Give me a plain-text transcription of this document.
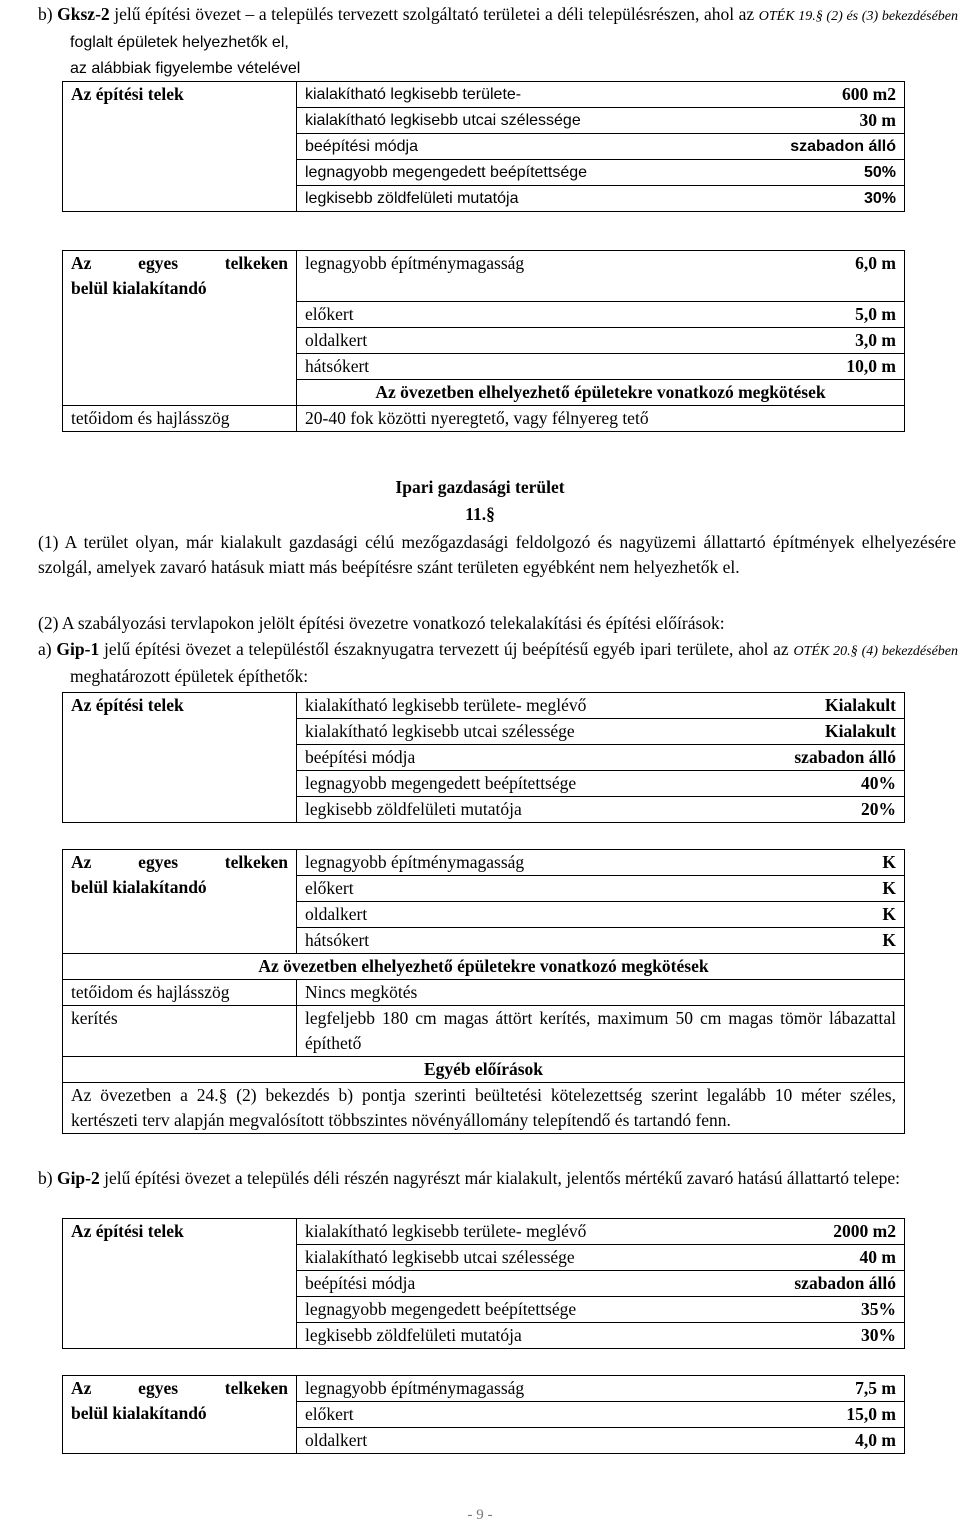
b) Gksz-2 jelű építési övezet – a település tervezett szolgáltató területei a déli településrészen, ahol az OTÉK 19.§ (2) és (3) bekezdésében foglalt épületek helyezhetők el,
az alábbiak figyelembe vételével
Az építési telek	kialakítható legkisebb területe-	600 m2
	kialakítható legkisebb utcai szélessége	30 m
	beépítési módja	szabadon álló
	legnagyobb megengedett beépítettsége	50%
	legkisebb zöldfelületi mutatója	30%
Az egyes telkeken
belül kialakítandó	legnagyobb építménymagasság	6,0 m
	előkert	5,0 m
	oldalkert	3,0 m
	hátsókert	10,0 m
	Az övezetben elhelyezhető épületekre vonatkozó megkötések	
tetőidom és hajlásszög	20-40 fok közötti nyeregtető, vagy félnyereg tető	
Ipari gazdasági terület
11.§
(1) A terület olyan, már kialakult gazdasági célú mezőgazdasági feldolgozó és nagyüzemi állattartó építmények elhelyezésére szolgál, amelyek zavaró hatásuk miatt más beépítésre szánt területen egyébként nem helyezhetők el.
(2) A szabályozási tervlapokon jelölt építési övezetre vonatkozó telekalakítási és építési előírások:
a) Gip-1 jelű építési övezet a településtől északnyugatra tervezett új beépítésű egyéb ipari területe, ahol az OTÉK 20.§ (4) bekezdésében meghatározott épületek építhetők:
Az építési telek	kialakítható legkisebb területe- meglévő	Kialakult
	kialakítható legkisebb utcai szélessége	Kialakult
	beépítési módja	szabadon álló
	legnagyobb megengedett beépítettsége	40%
	legkisebb zöldfelületi mutatója	20%
Az egyes telkeken
belül kialakítandó	legnagyobb építménymagasság	K
	előkert	K
	oldalkert	K
	hátsókert	K
Az övezetben elhelyezhető épületekre vonatkozó megkötések		
tetőidom és hajlásszög	Nincs megkötés	
kerítés	legfeljebb 180 cm magas áttört kerítés, maximum 50 cm magas tömör lábazattal építhető	
Egyéb előírások		
Az övezetben a 24.§ (2) bekezdés b) pontja szerinti beültetési kötelezettség szerint legalább 10 méter széles, kertészeti terv alapján megvalósított többszintes növényállomány telepítendő és tartandó fenn.		
b) Gip-2 jelű építési övezet a település déli részén nagyrészt már kialakult, jelentős mértékű zavaró hatású állattartó telepe:
Az építési telek	kialakítható legkisebb területe- meglévő	2000 m2
	kialakítható legkisebb utcai szélessége	40 m
	beépítési módja	szabadon álló
	legnagyobb megengedett beépítettsége	35%
	legkisebb zöldfelületi mutatója	30%
Az egyes telkeken
belül kialakítandó	legnagyobb építménymagasság	7,5 m
	előkert	15,0 m
	oldalkert	4,0 m
- 9 -
